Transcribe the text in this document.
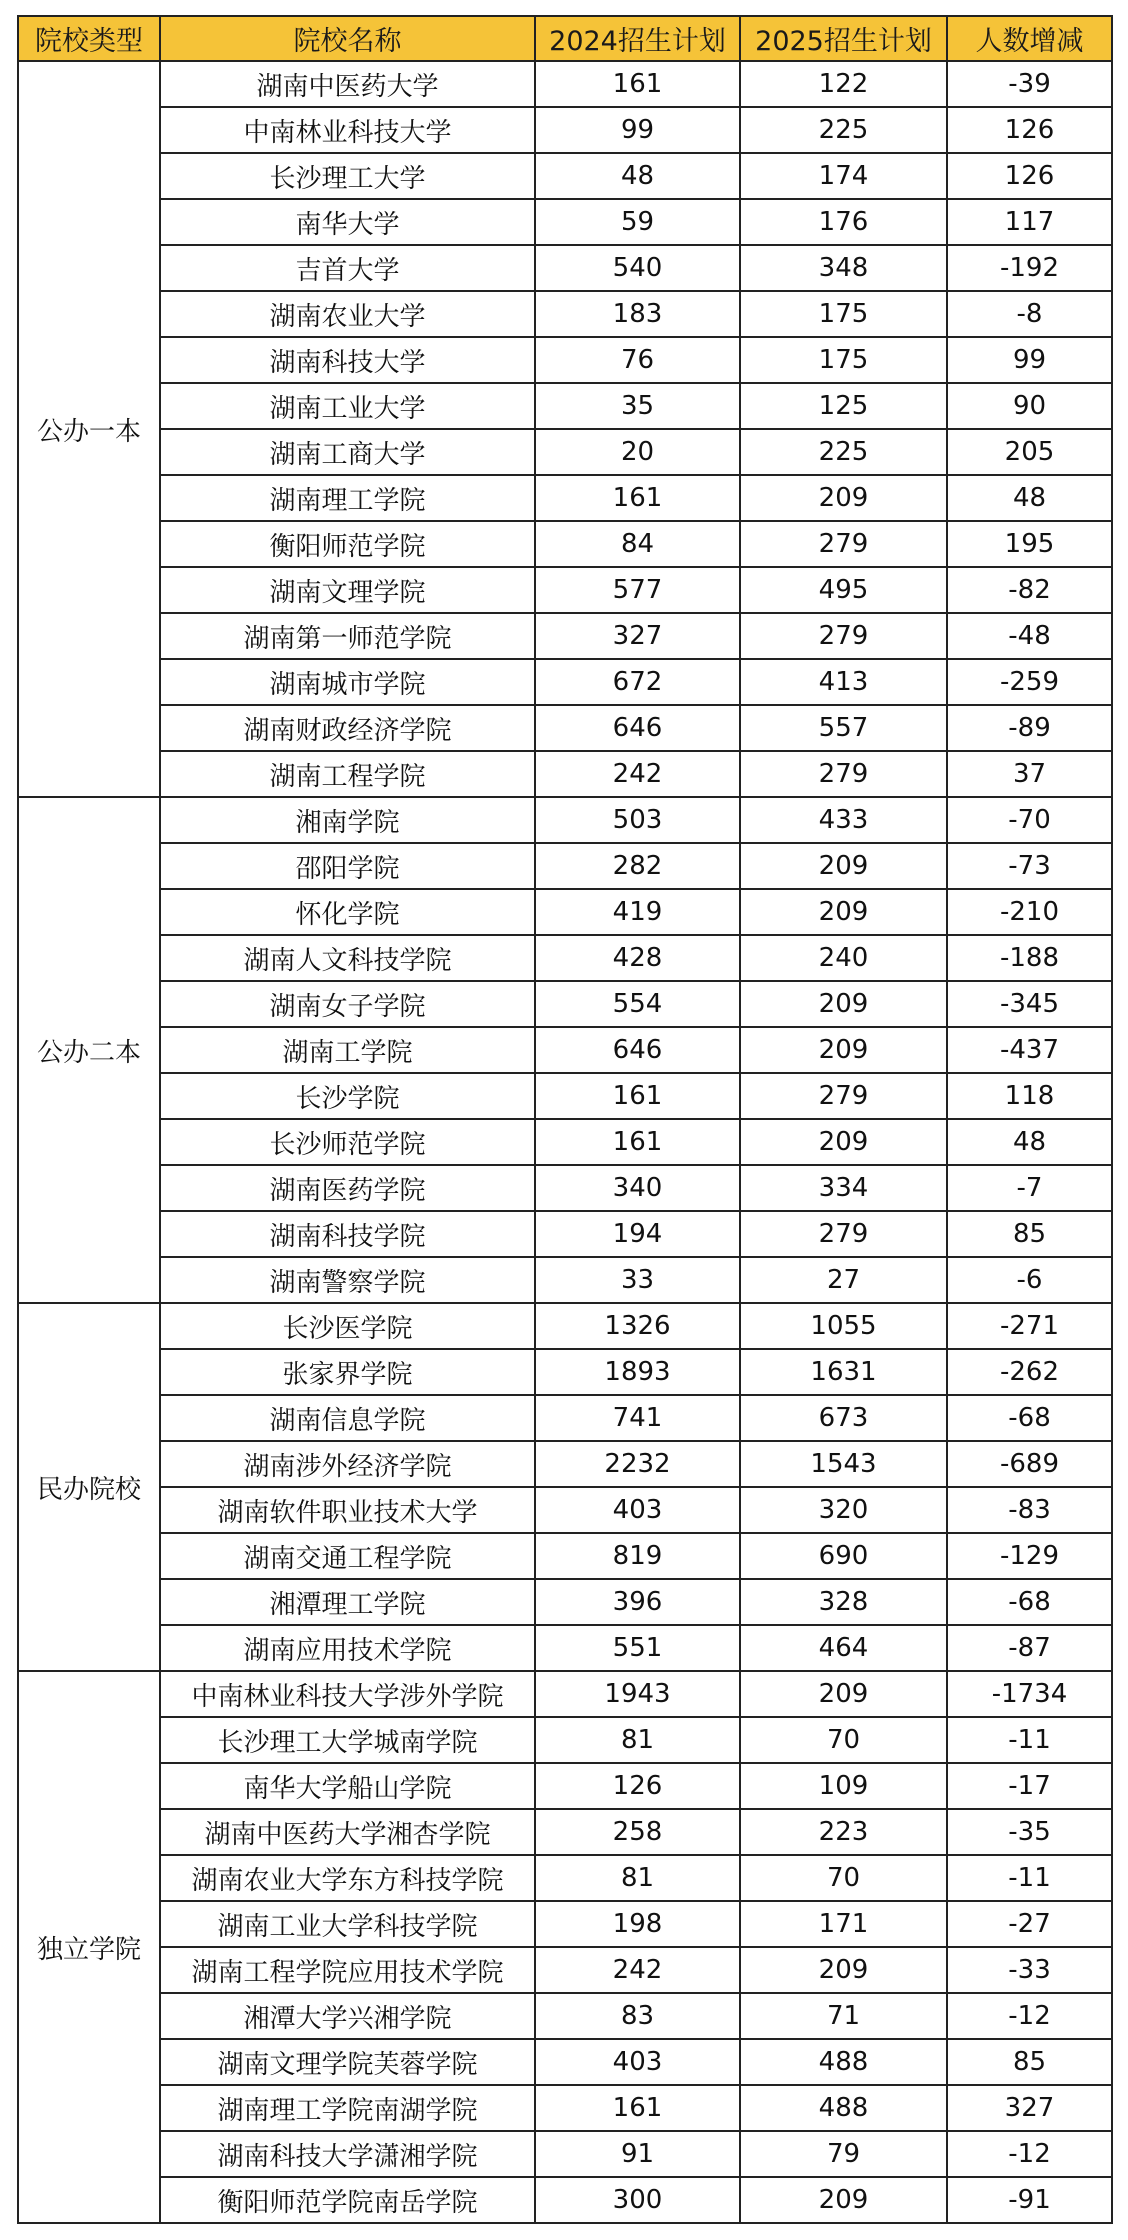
院校类型	院校名称	2024招生计划	2025招生计划	人数增减
公办一本	湖南中医药大学	161	122	-39
	中南林业科技大学	99	225	126
	长沙理工大学	48	174	126
	南华大学	59	176	117
	吉首大学	540	348	-192
	湖南农业大学	183	175	-8
	湖南科技大学	76	175	99
	湖南工业大学	35	125	90
	湖南工商大学	20	225	205
	湖南理工学院	161	209	48
	衡阳师范学院	84	279	195
	湖南文理学院	577	495	-82
	湖南第一师范学院	327	279	-48
	湖南城市学院	672	413	-259
	湖南财政经济学院	646	557	-89
	湖南工程学院	242	279	37
公办二本	湘南学院	503	433	-70
	邵阳学院	282	209	-73
	怀化学院	419	209	-210
	湖南人文科技学院	428	240	-188
	湖南女子学院	554	209	-345
	湖南工学院	646	209	-437
	长沙学院	161	279	118
	长沙师范学院	161	209	48
	湖南医药学院	340	334	-7
	湖南科技学院	194	279	85
	湖南警察学院	33	27	-6
民办院校	长沙医学院	1326	1055	-271
	张家界学院	1893	1631	-262
	湖南信息学院	741	673	-68
	湖南涉外经济学院	2232	1543	-689
	湖南软件职业技术大学	403	320	-83
	湖南交通工程学院	819	690	-129
	湘潭理工学院	396	328	-68
	湖南应用技术学院	551	464	-87
独立学院	中南林业科技大学涉外学院	1943	209	-1734
	长沙理工大学城南学院	81	70	-11
	南华大学船山学院	126	109	-17
	湖南中医药大学湘杏学院	258	223	-35
	湖南农业大学东方科技学院	81	70	-11
	湖南工业大学科技学院	198	171	-27
	湖南工程学院应用技术学院	242	209	-33
	湘潭大学兴湘学院	83	71	-12
	湖南文理学院芙蓉学院	403	488	85
	湖南理工学院南湖学院	161	488	327
	湖南科技大学潇湘学院	91	79	-12
	衡阳师范学院南岳学院	300	209	-91
